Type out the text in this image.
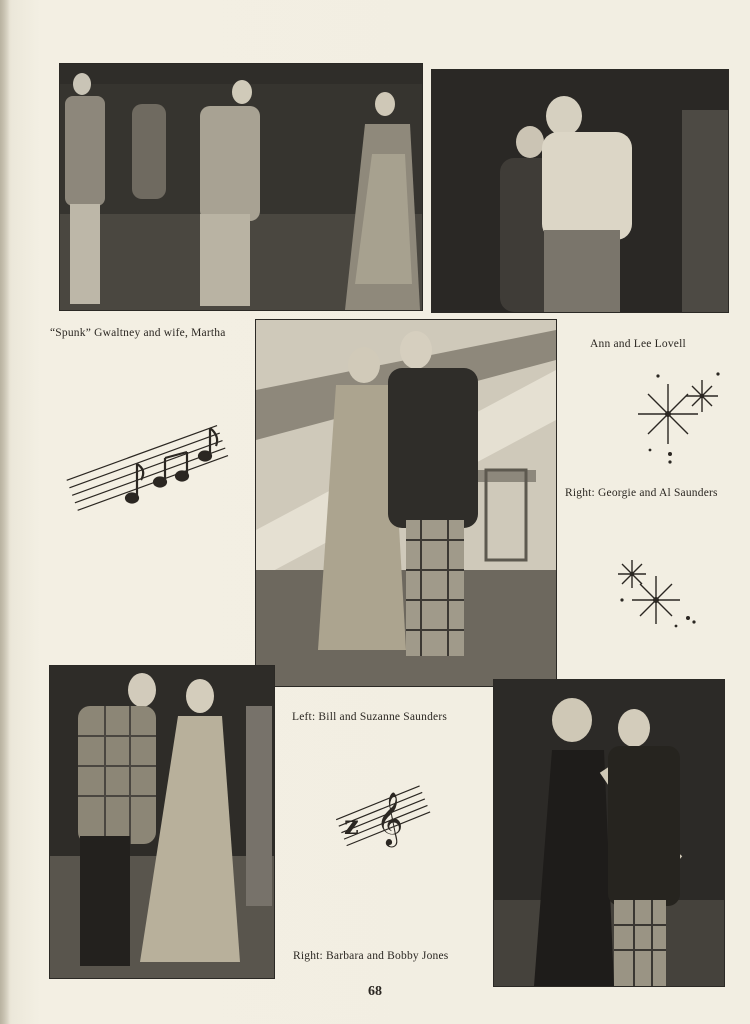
“Spunk” Gwaltney and wife, Martha
Ann and Lee Lovell
Right: Georgie and Al Saunders
Left: Bill and Suzanne Saunders
Right: Barbara and Bobby Jones
𝄞
z
68
